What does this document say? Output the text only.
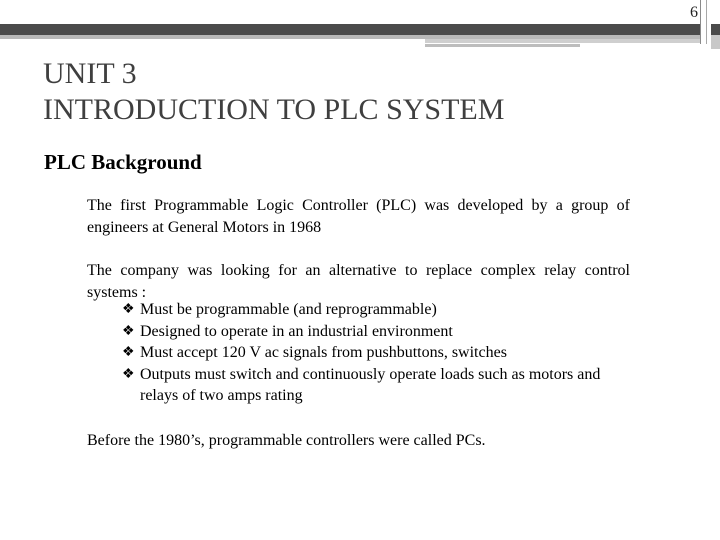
6
UNIT 3
INTRODUCTION TO PLC SYSTEM
PLC Background
The first Programmable Logic Controller (PLC) was developed by a group of engineers at General Motors in 1968
The company was looking for an alternative to replace complex relay control systems :
❖ Must be programmable (and reprogrammable)
❖ Designed to operate in an industrial environment
❖ Must accept 120 V ac signals from pushbuttons, switches
❖ Outputs must switch and continuously operate loads such as motors and relays of two amps rating
Before the 1980’s, programmable controllers were called PCs.
